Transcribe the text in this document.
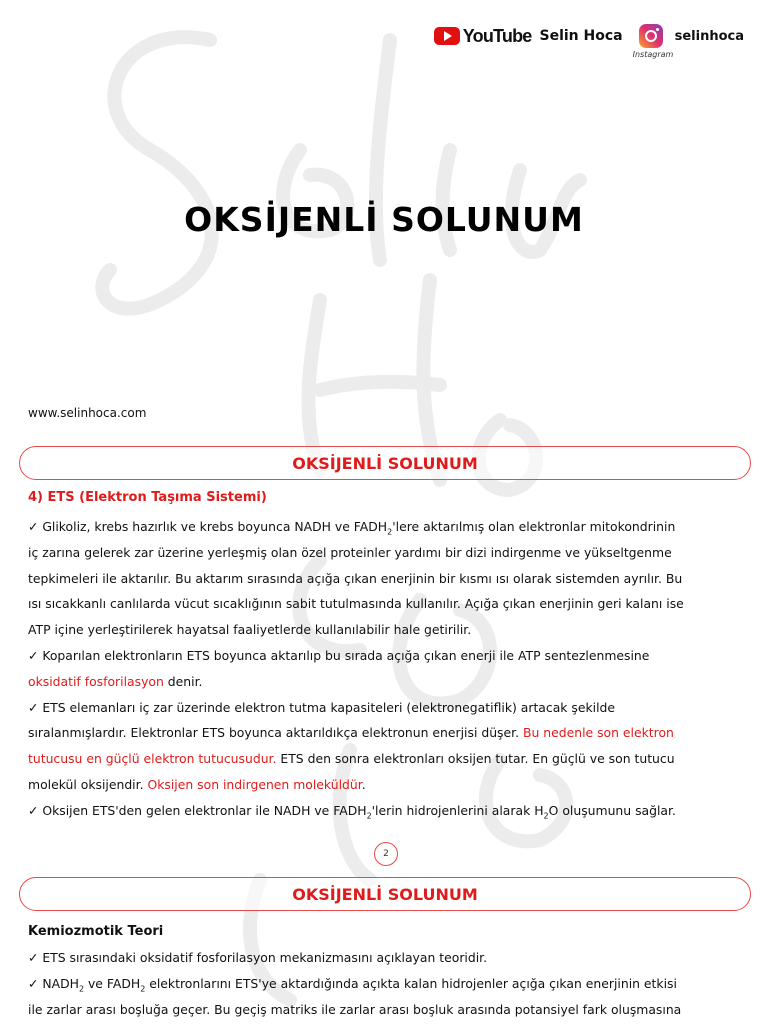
YouTube Selin Hoca
Instagram
selinhoca
OKSİJENLİ SOLUNUM
www.selinhoca.com
OKSİJENLİ SOLUNUM
4) ETS (Elektron Taşıma Sistemi)

✓ Glikoliz, krebs hazırlık ve krebs boyunca NADH ve $FADH_2'lere$ aktarılmış olan elektronlar mitokondrinin

iç zarına gelerek zar üzerine yerleşmiş olan özel proteinler yardımı bir dizi indirgenme ve yükseltgenme

tepkimeleri ile aktarılır. Bu aktarım sırasında açığa çıkan enerjinin bir kısmı ısı olarak sistemden ayrılır. Bu

ısı sıcakkanlı canlılarda vücut sıcaklığının sabit tutulmasında kullanılır. Açığa çıkan enerjinin geri kalanı ise

ATP içine yerleştirilerek hayatsal faaliyetlerde kullanılabilir hale getirilir.

✓ Koparılan elektronların ETS boyunca aktarılıp bu sırada açığa çıkan enerji ile ATP sentezlenmesine

oksidatif fosforilasyon denir.

✓ ETS elemanları iç zar üzerinde elektron tutma kapasiteleri (elektronegatiflik) artacak şekilde

sıralanmışlardır. Elektronlar ETS boyunca aktarıldıkça elektronun enerjisi düşer. Bu nedenle son elektron

tutucusu en güçlü elektron tutucusudur. ETS den sonra elektronları oksijen tutar. En güçlü ve son tutucu

molekül oksijendir. Oksijen son indirgenen moleküldür.

✓ Oksijen ETS'den gelen elektronlar ile NADH ve $FADH_2'lerin$ hidrojenlerini alarak $H_2O$ oluşumunu sağlar.

2
OKSİJENLİ SOLUNUM
Kemiozmotik Teori

✓ ETS sırasındaki oksidatif fosforilasyon mekanizmasını açıklayan teoridir.

✓ $NADH_2$ ve $FADH_2$ elektronlarını ETS'ye aktardığında açıkta kalan hidrojenler açığa çıkan enerjinin etkisi

ile zarlar arası boşluğa geçer. Bu geçiş matriks ile zarlar arası boşluk arasında potansiyel fark oluşmasına
